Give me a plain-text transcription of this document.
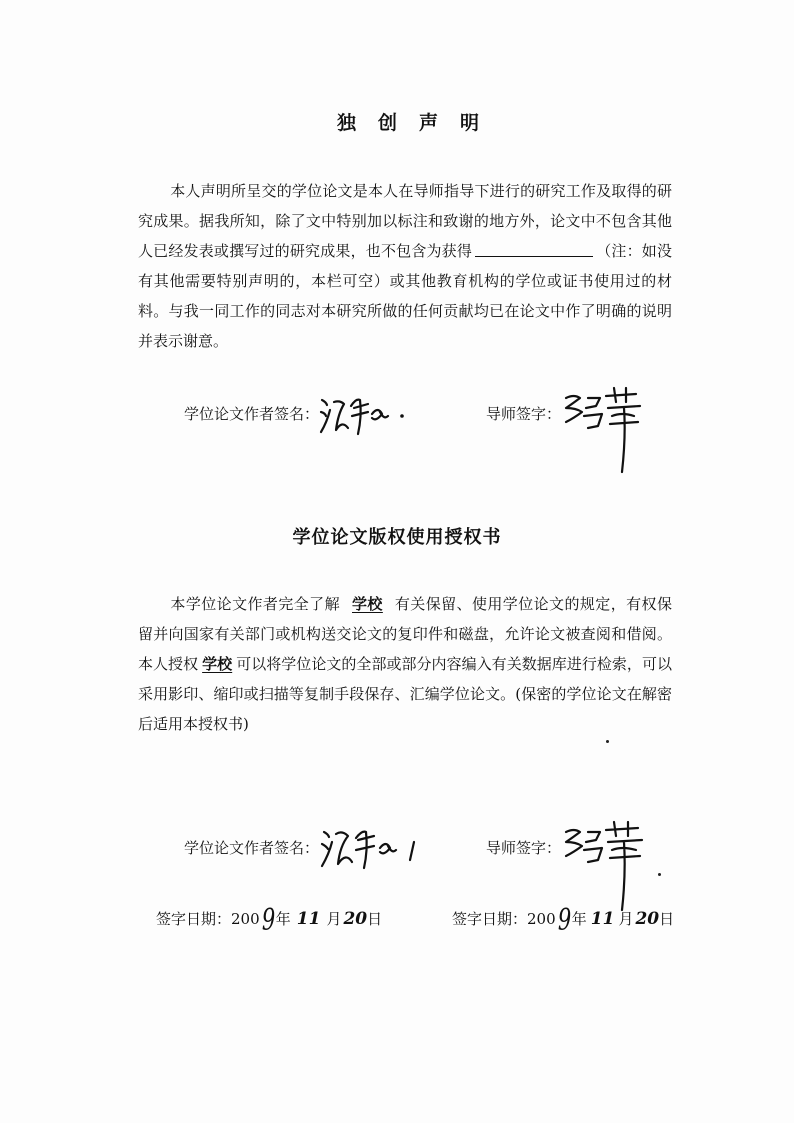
独创声明
本人声明所呈交的学位论文是本人在导师指导下进行的研究工作及取得的研究成果。据我所知，除了文中特别加以标注和致谢的地方外，论文中不包含其他人已经发表或撰写过的研究成果，也不包含为获得	（注：如没有其他需要特别声明的，本栏可空）或其他教育机构的学位或证书使用过的材料。与我一同工作的同志对本研究所做的任何贡献均已在论文中作了明确的说明并表示谢意。
学位论文作者签名：	导师签字：
学位论文版权使用授权书
本学位论文作者完全了解 学校 有关保留、使用学位论文的规定，有权保留并向国家有关部门或机构送交论文的复印件和磁盘，允许论文被查阅和借阅。本人授权 学校 可以将学位论文的全部或部分内容编入有关数据库进行检索，可以采用影印、缩印或扫描等复制手段保存、汇编学位论文。(保密的学位论文在解密后适用本授权书)
学位论文作者签名：	导师签字：
签字日期：2009年 11 月 20日	签字日期：2009年 11 月 20日
